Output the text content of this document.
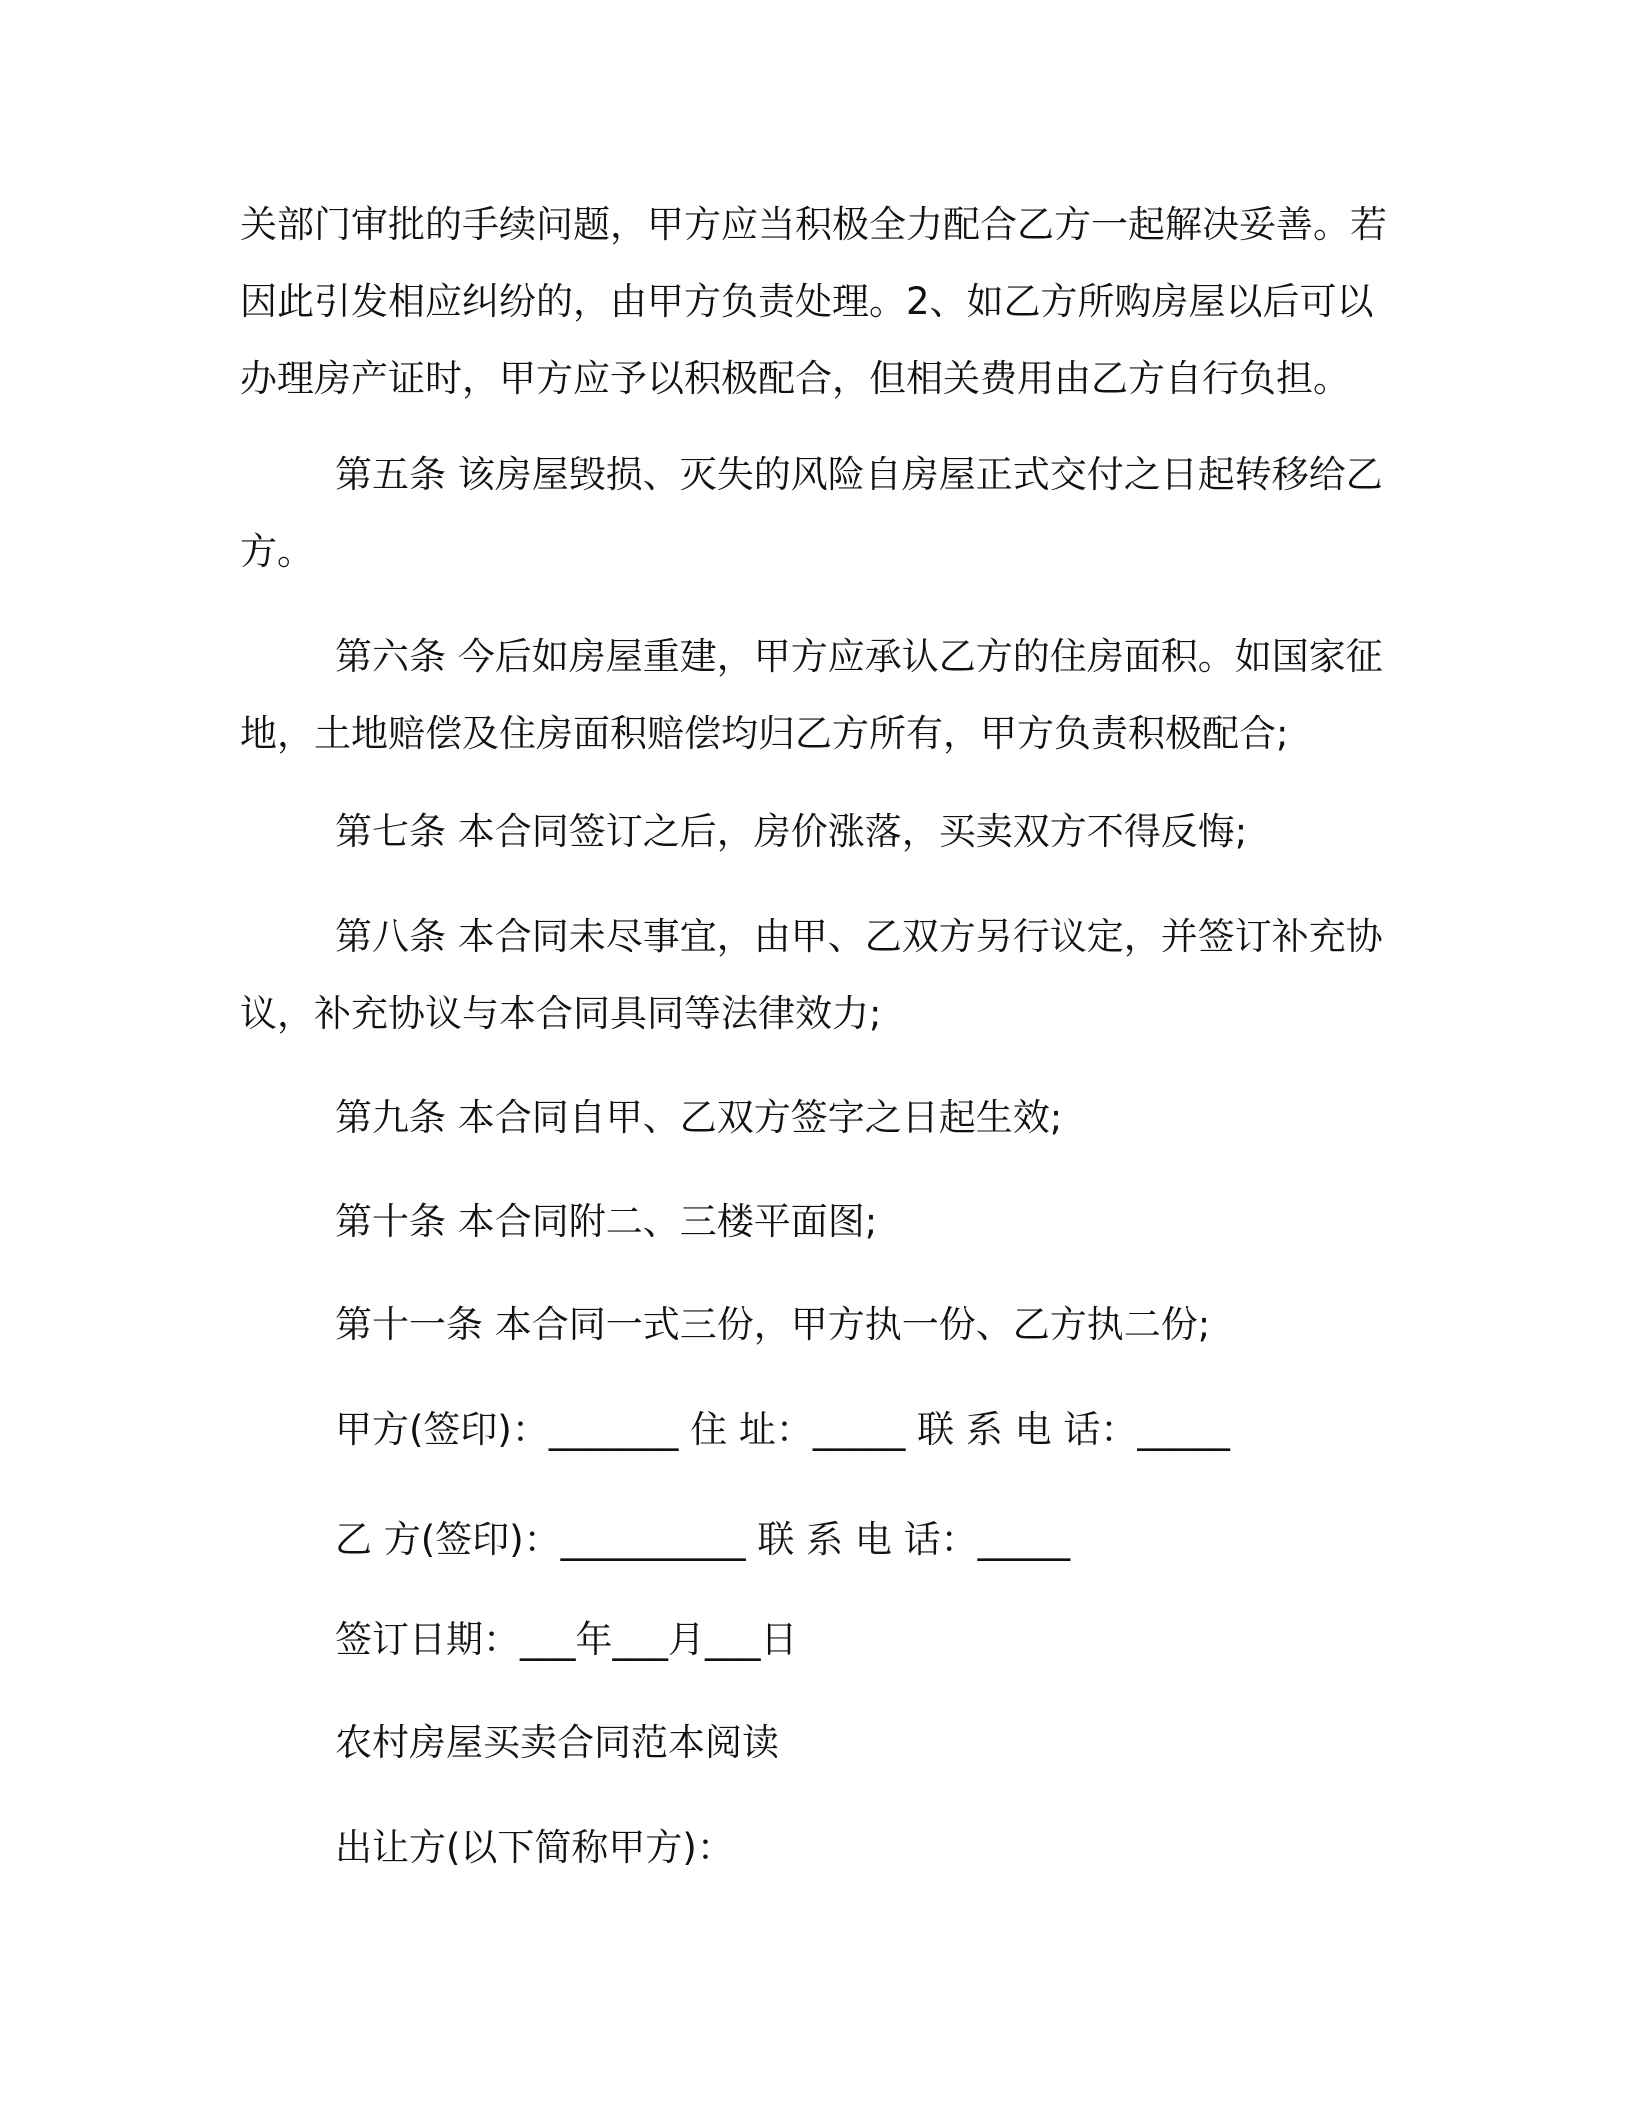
关部门审批的手续问题，甲方应当积极全力配合乙方一起解决妥善。若因此引发相应纠纷的，由甲方负责处理。2、如乙方所购房屋以后可以办理房产证时，甲方应予以积极配合，但相关费用由乙方自行负担。

第五条 该房屋毁损、灭失的风险自房屋正式交付之日起转移给乙方。

第六条 今后如房屋重建，甲方应承认乙方的住房面积。如国家征地，土地赔偿及住房面积赔偿均归乙方所有，甲方负责积极配合;

第七条 本合同签订之后，房价涨落，买卖双方不得反悔;

第八条 本合同未尽事宜，由甲、乙双方另行议定，并签订补充协议，补充协议与本合同具同等法律效力;

第九条 本合同自甲、乙双方签字之日起生效;

第十条 本合同附二、三楼平面图;

第十一条 本合同一式三份，甲方执一份、乙方执二份;

甲方(签印)：_______ 住 址：_____ 联 系 电 话：_____

乙 方(签印)：__________ 联 系 电 话：_____

签订日期：___年___月___日

农村房屋买卖合同范本阅读

出让方(以下简称甲方)：
